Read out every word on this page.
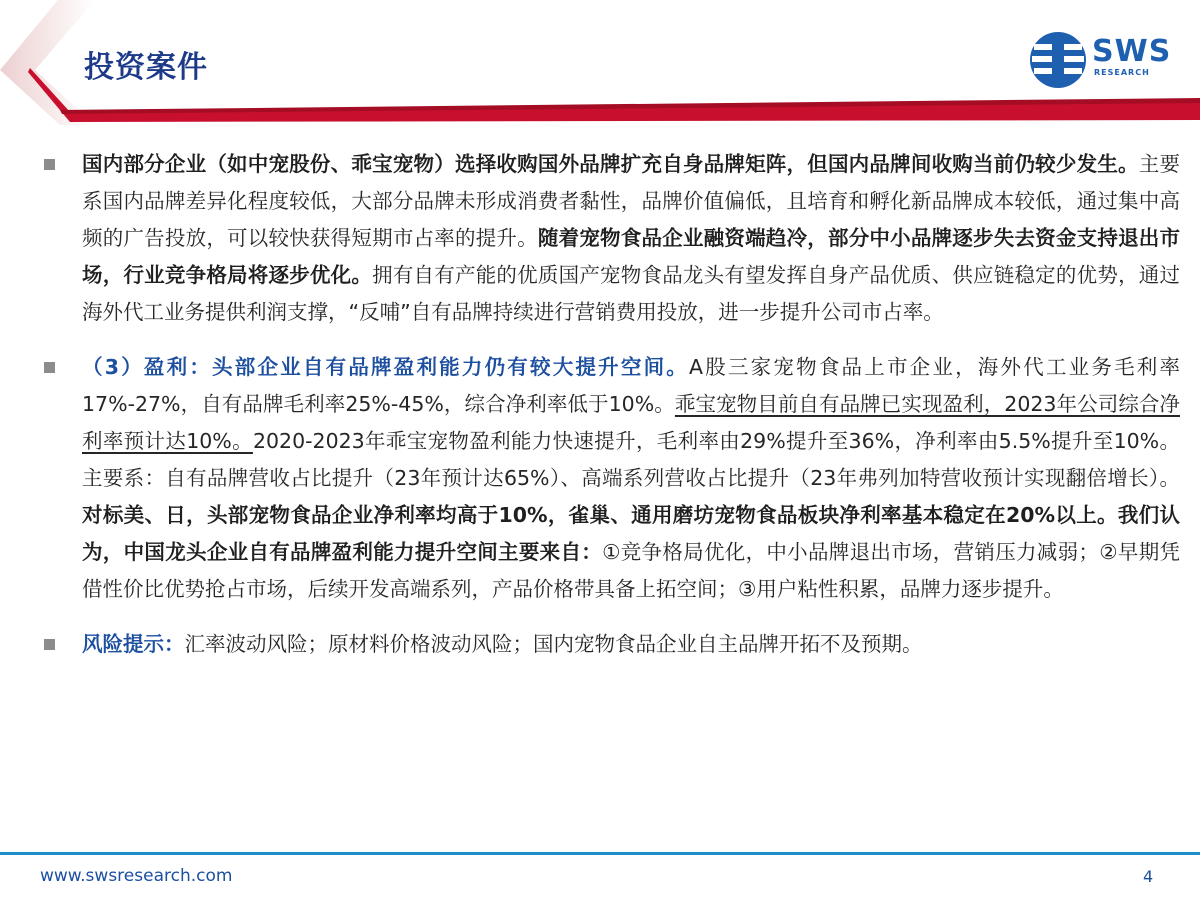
投资案件	SWS
RESEARCH

国内部分企业（如中宠股份、乖宝宠物）选择收购国外品牌扩充自身品牌矩阵，但国内品牌间收购当前仍较少发生。主要系国内品牌差异化程度较低，大部分品牌未形成消费者黏性，品牌价值偏低，且培育和孵化新品牌成本较低，通过集中高频的广告投放，可以较快获得短期市占率的提升。随着宠物食品企业融资端趋冷，部分中小品牌逐步失去资金支持退出市场，行业竞争格局将逐步优化。拥有自有产能的优质国产宠物食品龙头有望发挥自身产品优质、供应链稳定的优势，通过海外代工业务提供利润支撑，“反哺”自有品牌持续进行营销费用投放，进一步提升公司市占率。

（3）盈利：头部企业自有品牌盈利能力仍有较大提升空间。A股三家宠物食品上市企业，海外代工业务毛利率17%-27%，自有品牌毛利率25%-45%，综合净利率低于10%。乖宝宠物目前自有品牌已实现盈利，2023年公司综合净利率预计达10%。2020-2023年乖宝宠物盈利能力快速提升，毛利率由29%提升至36%，净利率由5.5%提升至10%。主要系：自有品牌营收占比提升（23年预计达65%）、高端系列营收占比提升（23年弗列加特营收预计实现翻倍增长）。对标美、日，头部宠物食品企业净利率均高于10%，雀巢、通用磨坊宠物食品板块净利率基本稳定在20%以上。我们认为，中国龙头企业自有品牌盈利能力提升空间主要来自：①竞争格局优化，中小品牌退出市场，营销压力减弱；②早期凭借性价比优势抢占市场，后续开发高端系列，产品价格带具备上拓空间；③用户粘性积累，品牌力逐步提升。

风险提示：汇率波动风险；原材料价格波动风险；国内宠物食品企业自主品牌开拓不及预期。

www.swsresearch.com	4
